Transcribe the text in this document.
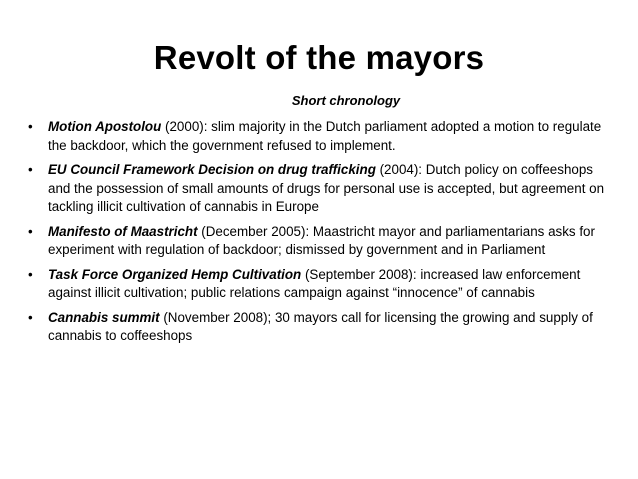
Revolt of the mayors
Short chronology
• Motion Apostolou (2000): slim majority in the Dutch parliament adopted a motion to regulate the backdoor, which the government refused to implement.
• EU Council Framework Decision on drug trafficking (2004): Dutch policy on coffeeshops and the possession of small amounts of drugs for personal use is accepted, but agreement on tackling illicit cultivation of cannabis in Europe
• Manifesto of Maastricht (December 2005): Maastricht mayor and parliamentarians asks for experiment with regulation of backdoor; dismissed by government and in Parliament
• Task Force Organized Hemp Cultivation (September 2008): increased law enforcement against illicit cultivation; public relations campaign against “innocence” of cannabis
• Cannabis summit (November 2008); 30 mayors call for licensing the growing and supply of cannabis to coffeeshops
